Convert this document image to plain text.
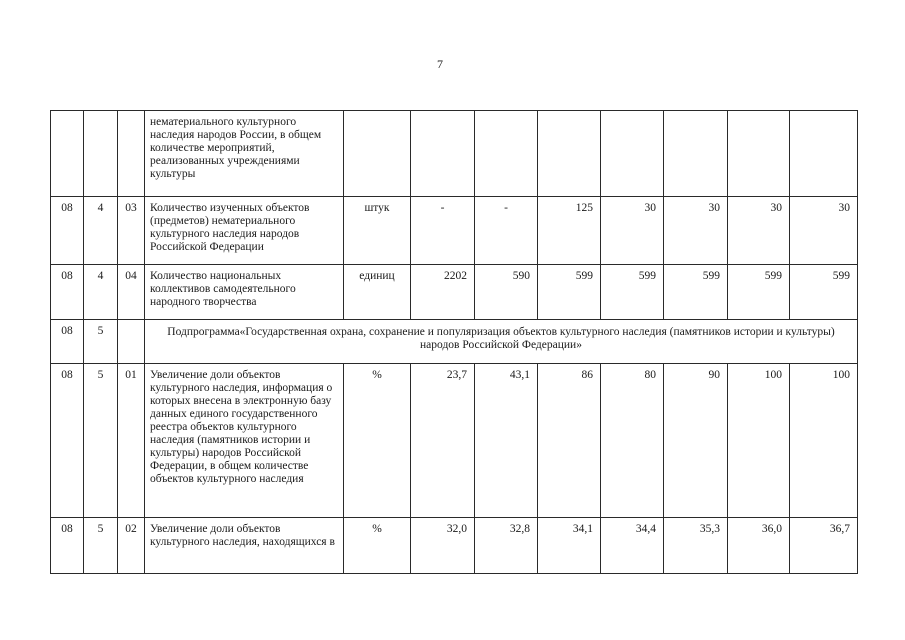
7
			нематериального культурного наследия народов России, в общем количестве мероприятий, реализованных учреждениями культуры								
08	4	03	Количество изученных объектов (предметов) нематериального культурного наследия народов Российской Федерации	штук	-	-	125	30	30	30	30
08	4	04	Количество национальных коллективов самодеятельного народного творчества	единиц	2202	590	599	599	599	599	599
08	5		Подпрограмма«Государственная охрана, сохранение и популяризация объектов культурного наследия (памятников истории и культуры) народов Российской Федерации»								
08	5	01	Увеличение доли объектов культурного наследия, информация о которых внесена в электронную базу данных единого государственного реестра объектов культурного наследия (памятников истории и культуры) народов Российской Федерации, в общем количестве объектов культурного наследия	%	23,7	43,1	86	80	90	100	100
08	5	02	Увеличение доли объектов культурного наследия, находящихся в	%	32,0	32,8	34,1	34,4	35,3	36,0	36,7
